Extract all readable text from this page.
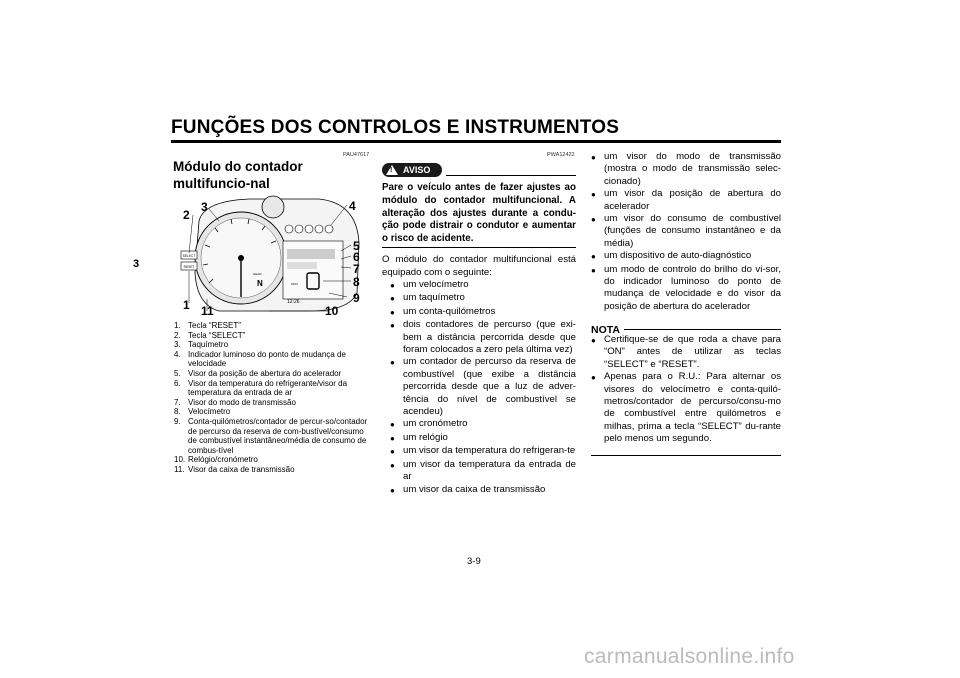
FUNÇÕES DOS CONTROLOS E INSTRUMENTOS
3
PAU47617
Módulo do contador multifuncio-nal
SELECT
RESET
GEAR
N	ODO
12:26
2
3	4
5
6
7
8
9
10
1 11
1. Tecla “RESET”
2. Tecla “SELECT”
3. Taquímetro
4. Indicador luminoso do ponto de mudança de velocidade
5. Visor da posição de abertura do acelerador
6. Visor da temperatura do refrigerante/visor da temperatura da entrada de ar
7. Visor do modo de transmissão
8. Velocímetro
9. Conta-quilómetros/contador de percur-so/contador de percurso da reserva de com-bustível/consumo de combustível instantâneo/média de consumo de combus-tível
10. Relógio/cronómetro
11. Visor da caixa de transmissão
PWA12422
! AVISO
Pare o veículo antes de fazer ajustes ao módulo do contador multifuncional. A alteração dos ajustes durante a condu-ção pode distrair o condutor e aumentar o risco de acidente.
O módulo do contador multifuncional está equipado com o seguinte:
● um velocímetro
● um taquímetro
● um conta-quilómetros
● dois contadores de percurso (que exi-bem a distância percorrida desde que foram colocados a zero pela última vez)
● um contador de percurso da reserva de combustível (que exibe a distância percorrida desde que a luz de adver-tência do nível de combustível se acendeu)
● um cronómetro
● um relógio
● um visor da temperatura do refrigeran-te
● um visor da temperatura da entrada de ar
● um visor da caixa de transmissão
● um visor do modo de transmissão (mostra o modo de transmissão selec-cionado)
● um visor da posição de abertura do acelerador
● um visor do consumo de combustível (funções de consumo instantâneo e da média)
● um dispositivo de auto-diagnóstico
● um modo de controlo do brilho do vi-sor, do indicador luminoso do ponto de mudança de velocidade e do visor da posição de abertura do acelerador
NOTA
● Certifique-se de que roda a chave para “ON” antes de utilizar as teclas “SELECT” e “RESET”.
● Apenas para o R.U.: Para alternar os visores do velocímetro e conta-quiló-metros/contador de percurso/consu-mo de combustível entre quilómetros e milhas, prima a tecla “SELECT” du-rante pelo menos um segundo.
3-9
carmanualsonline.info
